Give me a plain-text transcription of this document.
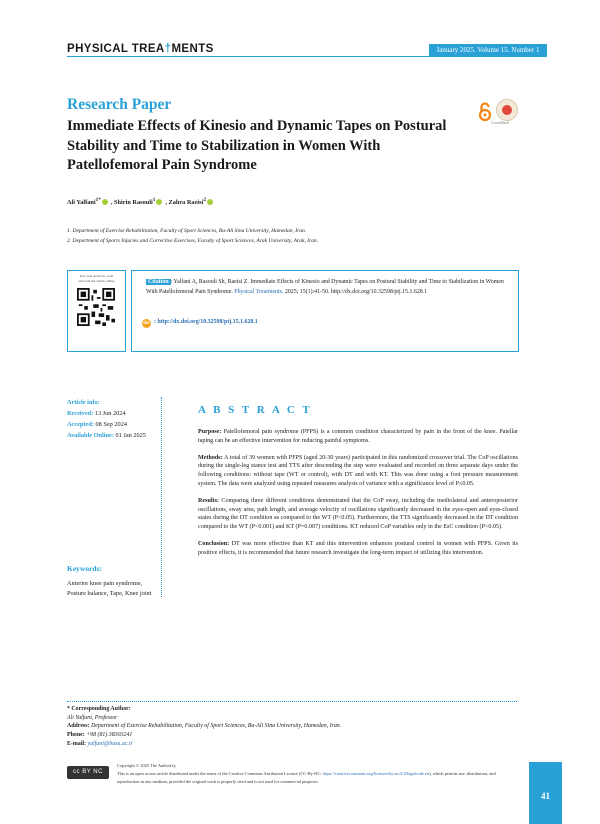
PHYSICAL TREA†MENTS	January 2025. Volume 15. Number 1
Research Paper
Immediate Effects of Kinesio and Dynamic Tapes on Postural Stability and Time to Stabilization in Women With Patellofemoral Pain Syndrome
CrossMark
Ali Yalfani$^{1*}$ , Shirin Rasouli$^1$ , Zahra Raeisi$^2$
1. Department of Exercise Rehabilitation, Faculty of Sport Sciences, Bu-Ali Sina University, Hamedan, Iran.
2. Department of Sports Injuries and Corrective Exercises, Faculty of Sport Sciences, Arak University, Arak, Iran.
Use your device to scan
and read the article online	Citation : Yalfani A, Rasouli Sh, Raeisi Z. Immediate Effects of Kinesio and Dynamic Tapes on Postural Stability and Time to Stabilization in Women With Patellofemoral Pain Syndrome. Physical Treatments. 2025; 15(1):41-50. http://dx.doi.org/10.32598/ptj.15.1.628.1
doi : http://dx.doi.org/10.32598/ptj.15.1.628.1
Article info:
Received: 13 Jun 2024
Accepted: 08 Sep 2024
Available Online: 01 Jan 2025
Keywords:
Anterior knee pain syndrome, Posture balance, Tape, Knee joint
A B S T R A C T

Purpose: Patellofemoral pain syndrome (PFPS) is a common condition characterized by pain in the front of the knee. Patellar taping can be an effective intervention for reducing painful symptoms.

Methods: A total of 39 women with PFPS (aged 20-30 years) participated in this randomized crossover trial. The CoP oscillations during the single-leg stance test and TTS after descending the step were evaluated and recorded on three separate days under the following conditions: without tape (WT or control), with DT and with KT. This was done using a foot pressure measurement system. The data were analyzed using repeated measures analysis of variance with a significance level of P≤0.05.

Results: Comparing three different conditions demonstrated that the CoP sway, including the mediolateral and anteroposterior oscillations, sway area, path length, and average velocity of oscillations significantly decreased in the eyes-open and eyes-closed states during the DT condition as compared to the WT (P<0.05). Furthermore, the TTS significantly decreased in the DT condition compared to the WT (P<0.001) and KT (P=0.007) conditions. KT reduced CoP variables only in the EsC condition (P<0.05).

Conclusion: DT was more effective than KT and this intervention enhances postural control in women with PFPS. Given its positive effects, it is recommended that future research investigate the long-term impact of utilizing this intervention.

* Corresponding Author:
Ali Yalfani, Professor
Address: Department of Exercise Rehabilitation, Faculty of Sport Sciences, Bu-Ali Sina University, Hamedan, Iran.
Phone: +98 (81) 38303241
E-mail: yalfani@basu.ac.ir
cc BY NC
Copyright © 2025 The Author(s);
This is an open access article distributed under the terms of the Creative Commons Attribution License (CC-By-NC: https://creativecommons.org/licenses/by-nc/4.0/legalcode.en), which permits use, distribution, and reproduction in any medium, provided the original work is properly cited and is not used for commercial purposes.
41
